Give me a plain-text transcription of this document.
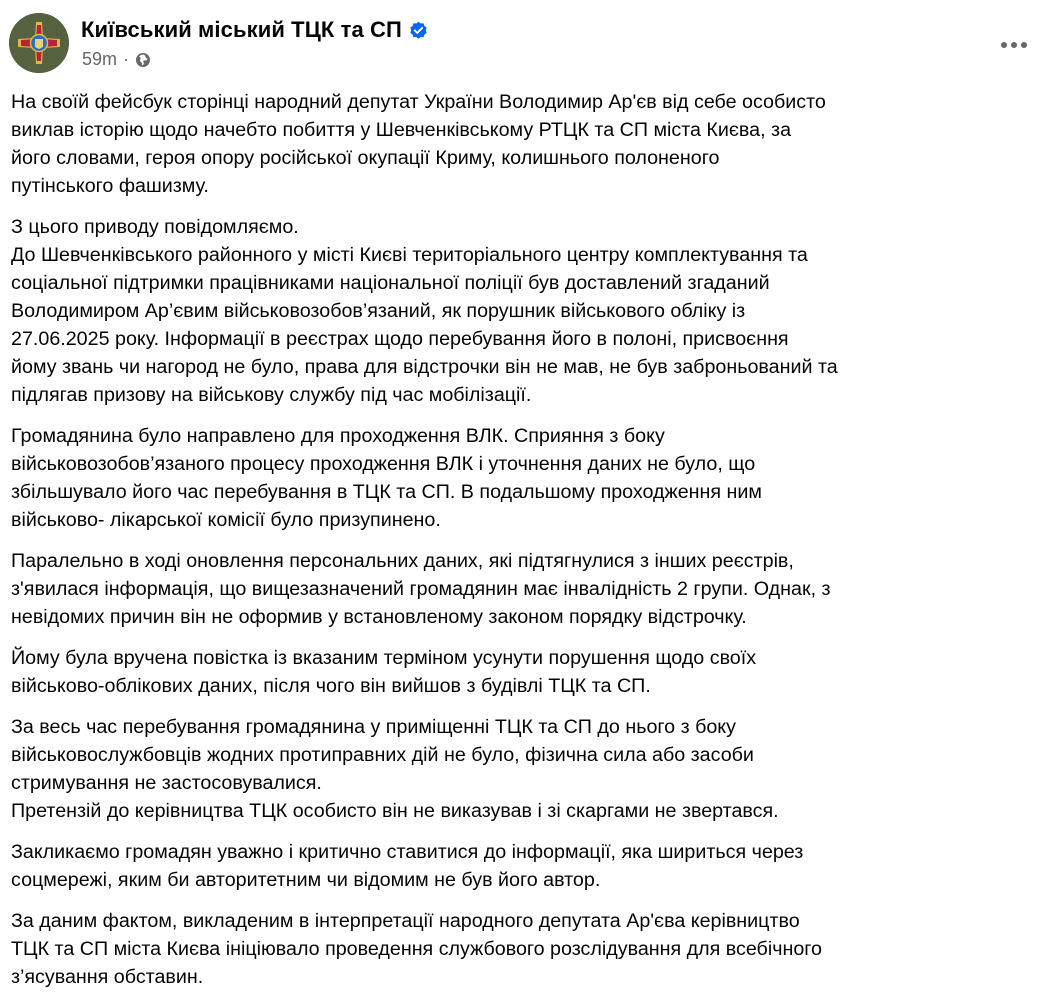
Київський міський ТЦК та СП
59m ·

На своїй фейсбук сторінці народний депутат України Володимир Ар'єв від себе особисто
виклав історію щодо начебто побиття у Шевченківському РТЦК та СП міста Києва, за
його словами, героя опору російської окупації Криму, колишнього полоненого
путінського фашизму.

З цього приводу повідомляємо.
До Шевченківського районного у місті Києві територіального центру комплектування та
соціальної підтримки працівниками національної поліції був доставлений згаданий
Володимиром Ар’євим військовозобов’язаний, як порушник військового обліку із
27.06.2025 року. Інформації в реєстрах щодо перебування його в полоні, присвоєння
йому звань чи нагород не було, права для відстрочки він не мав, не був заброньований та
підлягав призову на військову службу під час мобілізації.

Громадянина було направлено для проходження ВЛК. Сприяння з боку
військовозобов’язаного процесу проходження ВЛК і уточнення даних не було, що
збільшувало його час перебування в ТЦК та СП. В подальшому проходження ним
військово- лікарської комісії було призупинено.

Паралельно в ході оновлення персональних даних, які підтягнулися з інших реєстрів,
з'явилася інформація, що вищезазначений громадянин має інвалідність 2 групи. Однак, з
невідомих причин він не оформив у встановленому законом порядку відстрочку.

Йому була вручена повістка із вказаним терміном усунути порушення щодо своїх
військово-облікових даних, після чого він вийшов з будівлі ТЦК та СП.

За весь час перебування громадянина у приміщенні ТЦК та СП до нього з боку
військовослужбовців жодних протиправних дій не було, фізична сила або засоби
стримування не застосовувалися.
Претензій до керівництва ТЦК особисто він не виказував і зі скаргами не звертався.

Закликаємо громадян уважно і критично ставитися до інформації, яка шириться через
соцмережі, яким би авторитетним чи відомим не був його автор.

За даним фактом, викладеним в інтерпретації народного депутата Ар'єва керівництво
ТЦК та СП міста Києва ініціювало проведення службового розслідування для всебічного
з’ясування обставин.
